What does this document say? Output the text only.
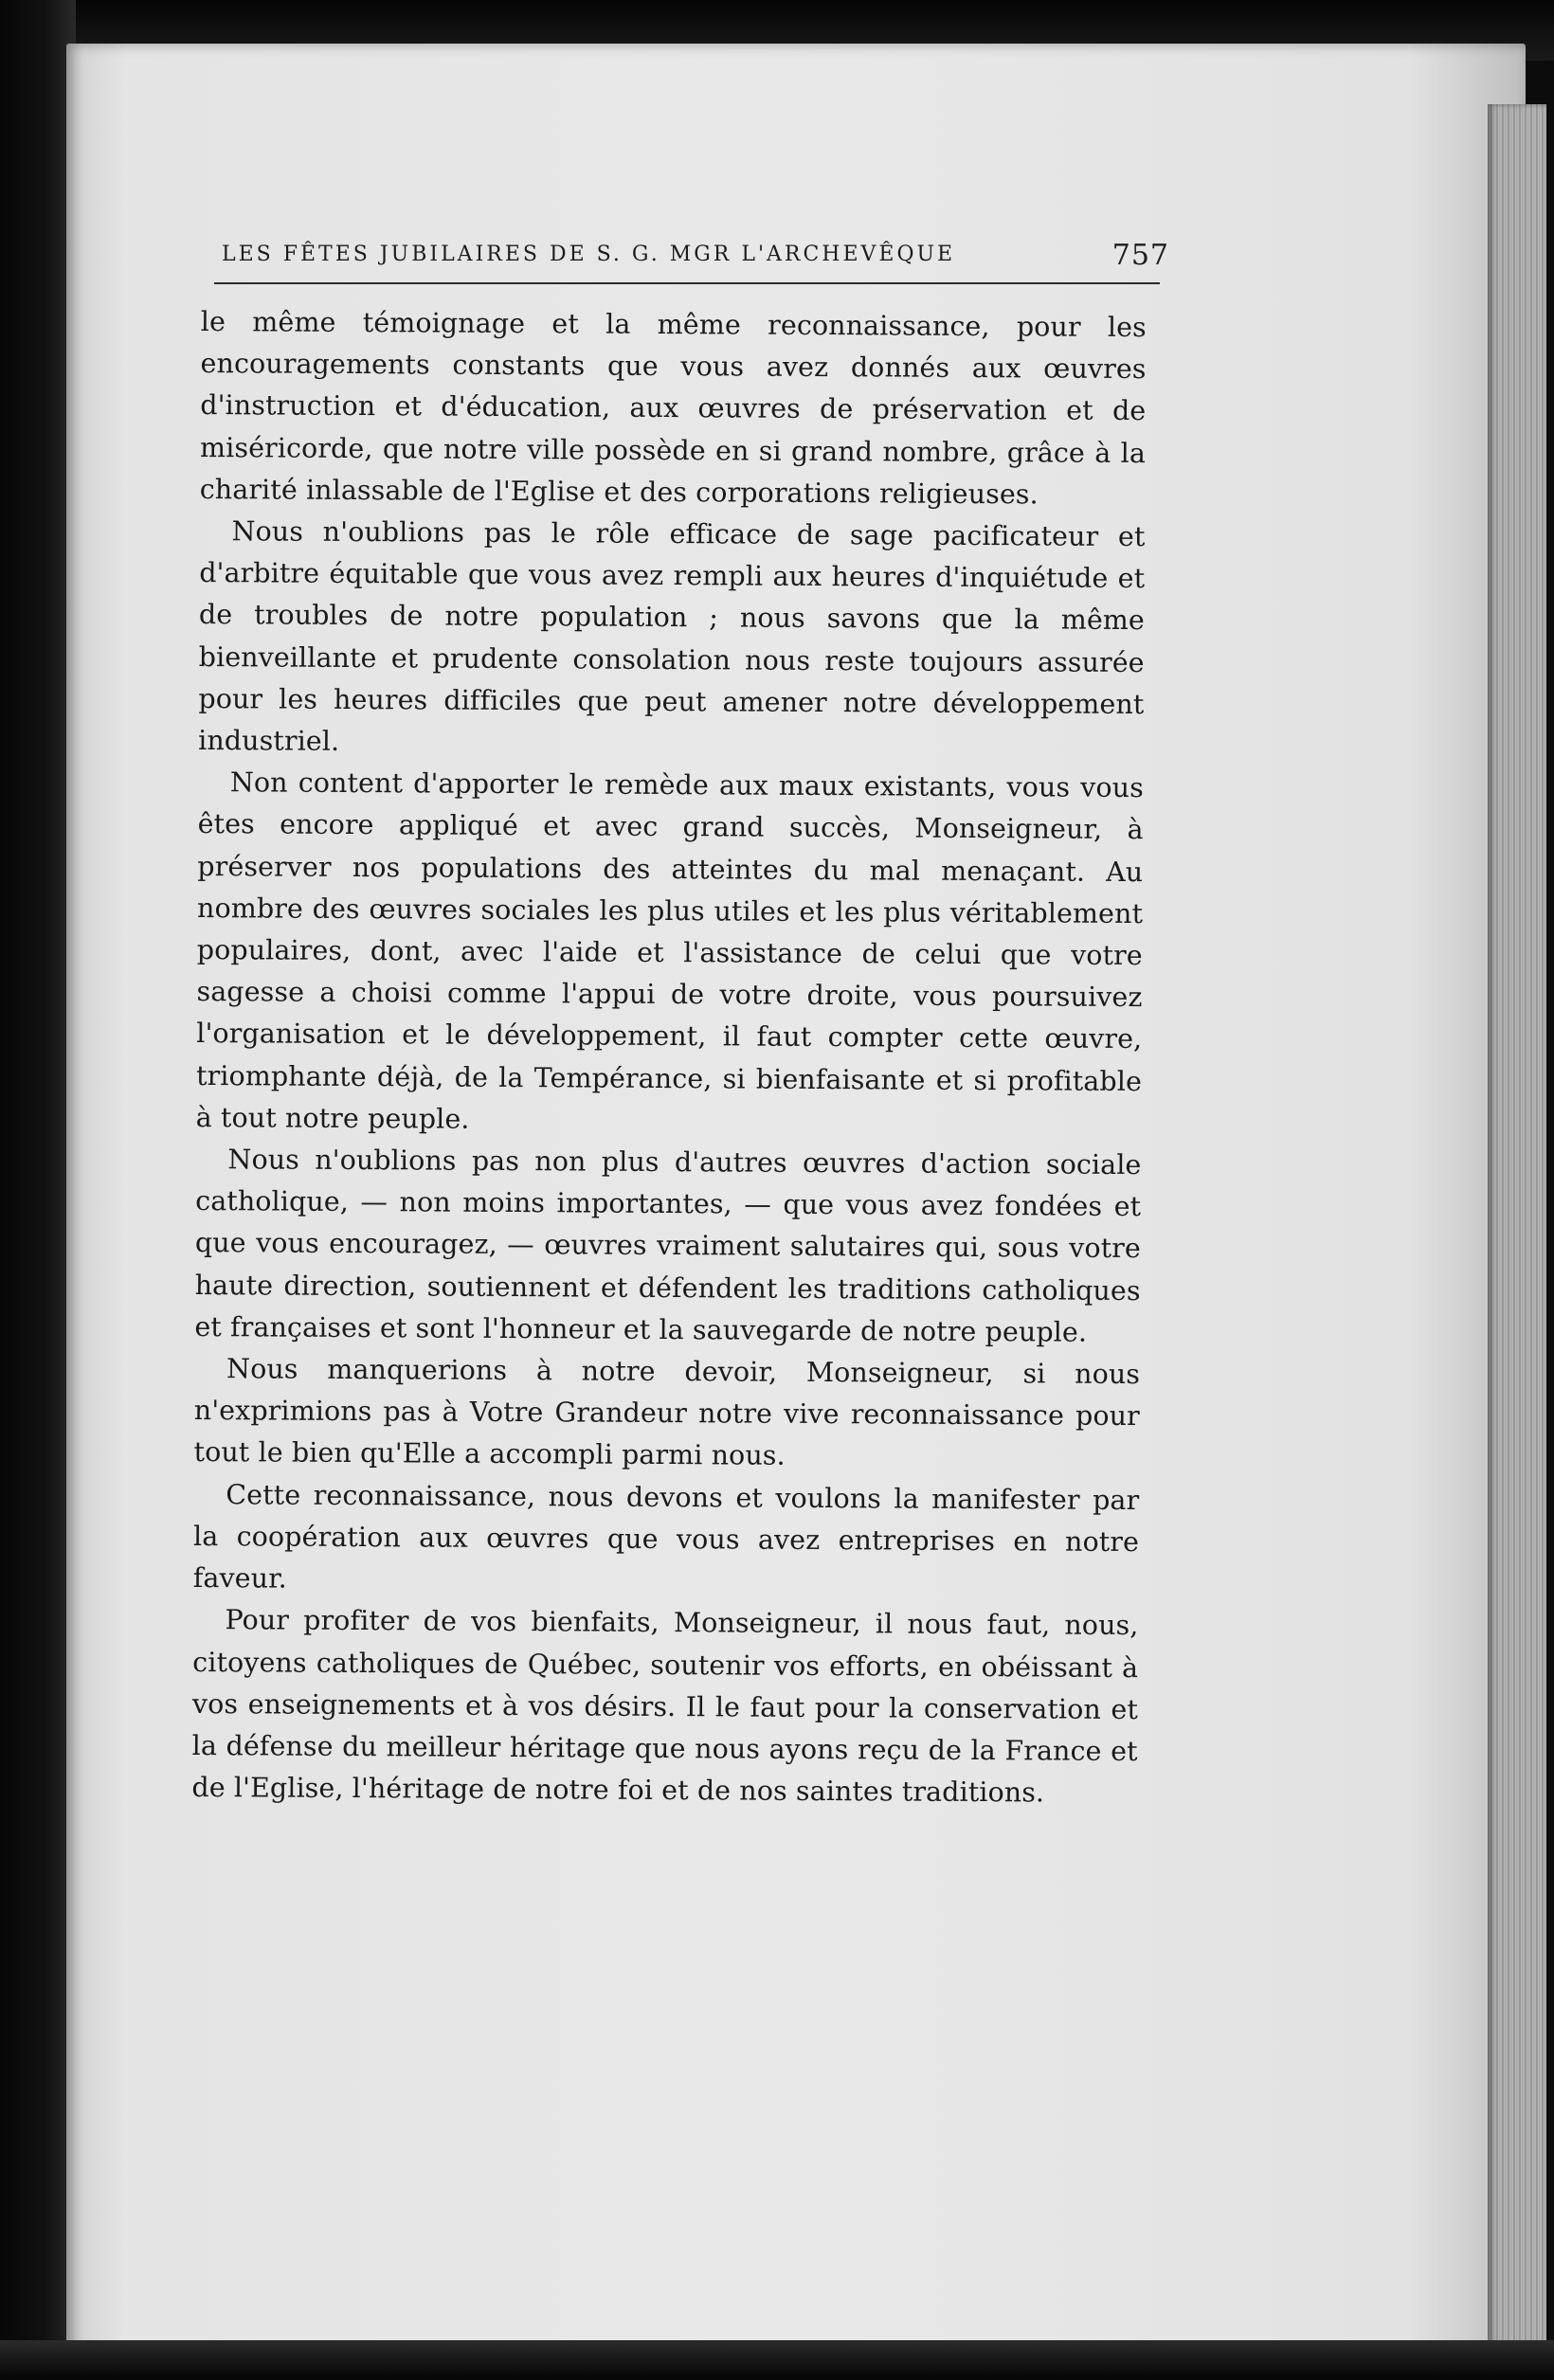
LES FÊTES JUBILAIRES DE S. G. MGR L'ARCHEVÊQUE	757

le même témoignage et la même reconnaissance, pour les encouragements constants que vous avez donnés aux œuvres d'instruction et d'éducation, aux œuvres de préservation et de miséricorde, que notre ville possède en si grand nombre, grâce à la charité inlassable de l'Eglise et des corporations religieuses.

Nous n'oublions pas le rôle efficace de sage pacificateur et d'arbitre équitable que vous avez rempli aux heures d'inquiétude et de troubles de notre population ; nous savons que la même bienveillante et prudente consolation nous reste toujours assurée pour les heures difficiles que peut amener notre développement industriel.

Non content d'apporter le remède aux maux existants, vous vous êtes encore appliqué et avec grand succès, Monseigneur, à préserver nos populations des atteintes du mal menaçant. Au nombre des œuvres sociales les plus utiles et les plus véritablement populaires, dont, avec l'aide et l'assistance de celui que votre sagesse a choisi comme l'appui de votre droite, vous poursuivez l'organisation et le développement, il faut compter cette œuvre, triomphante déjà, de la Tempérance, si bienfaisante et si profitable à tout notre peuple.

Nous n'oublions pas non plus d'autres œuvres d'action sociale catholique, — non moins importantes, — que vous avez fondées et que vous encouragez, — œuvres vraiment salutaires qui, sous votre haute direction, soutiennent et défendent les traditions catholiques et françaises et sont l'honneur et la sauvegarde de notre peuple.

Nous manquerions à notre devoir, Monseigneur, si nous n'exprimions pas à Votre Grandeur notre vive reconnaissance pour tout le bien qu'Elle a accompli parmi nous.

Cette reconnaissance, nous devons et voulons la manifester par la coopération aux œuvres que vous avez entreprises en notre faveur.

Pour profiter de vos bienfaits, Monseigneur, il nous faut, nous, citoyens catholiques de Québec, soutenir vos efforts, en obéissant à vos enseignements et à vos désirs. Il le faut pour la conservation et la défense du meilleur héritage que nous ayons reçu de la France et de l'Eglise, l'héritage de notre foi et de nos saintes traditions.
